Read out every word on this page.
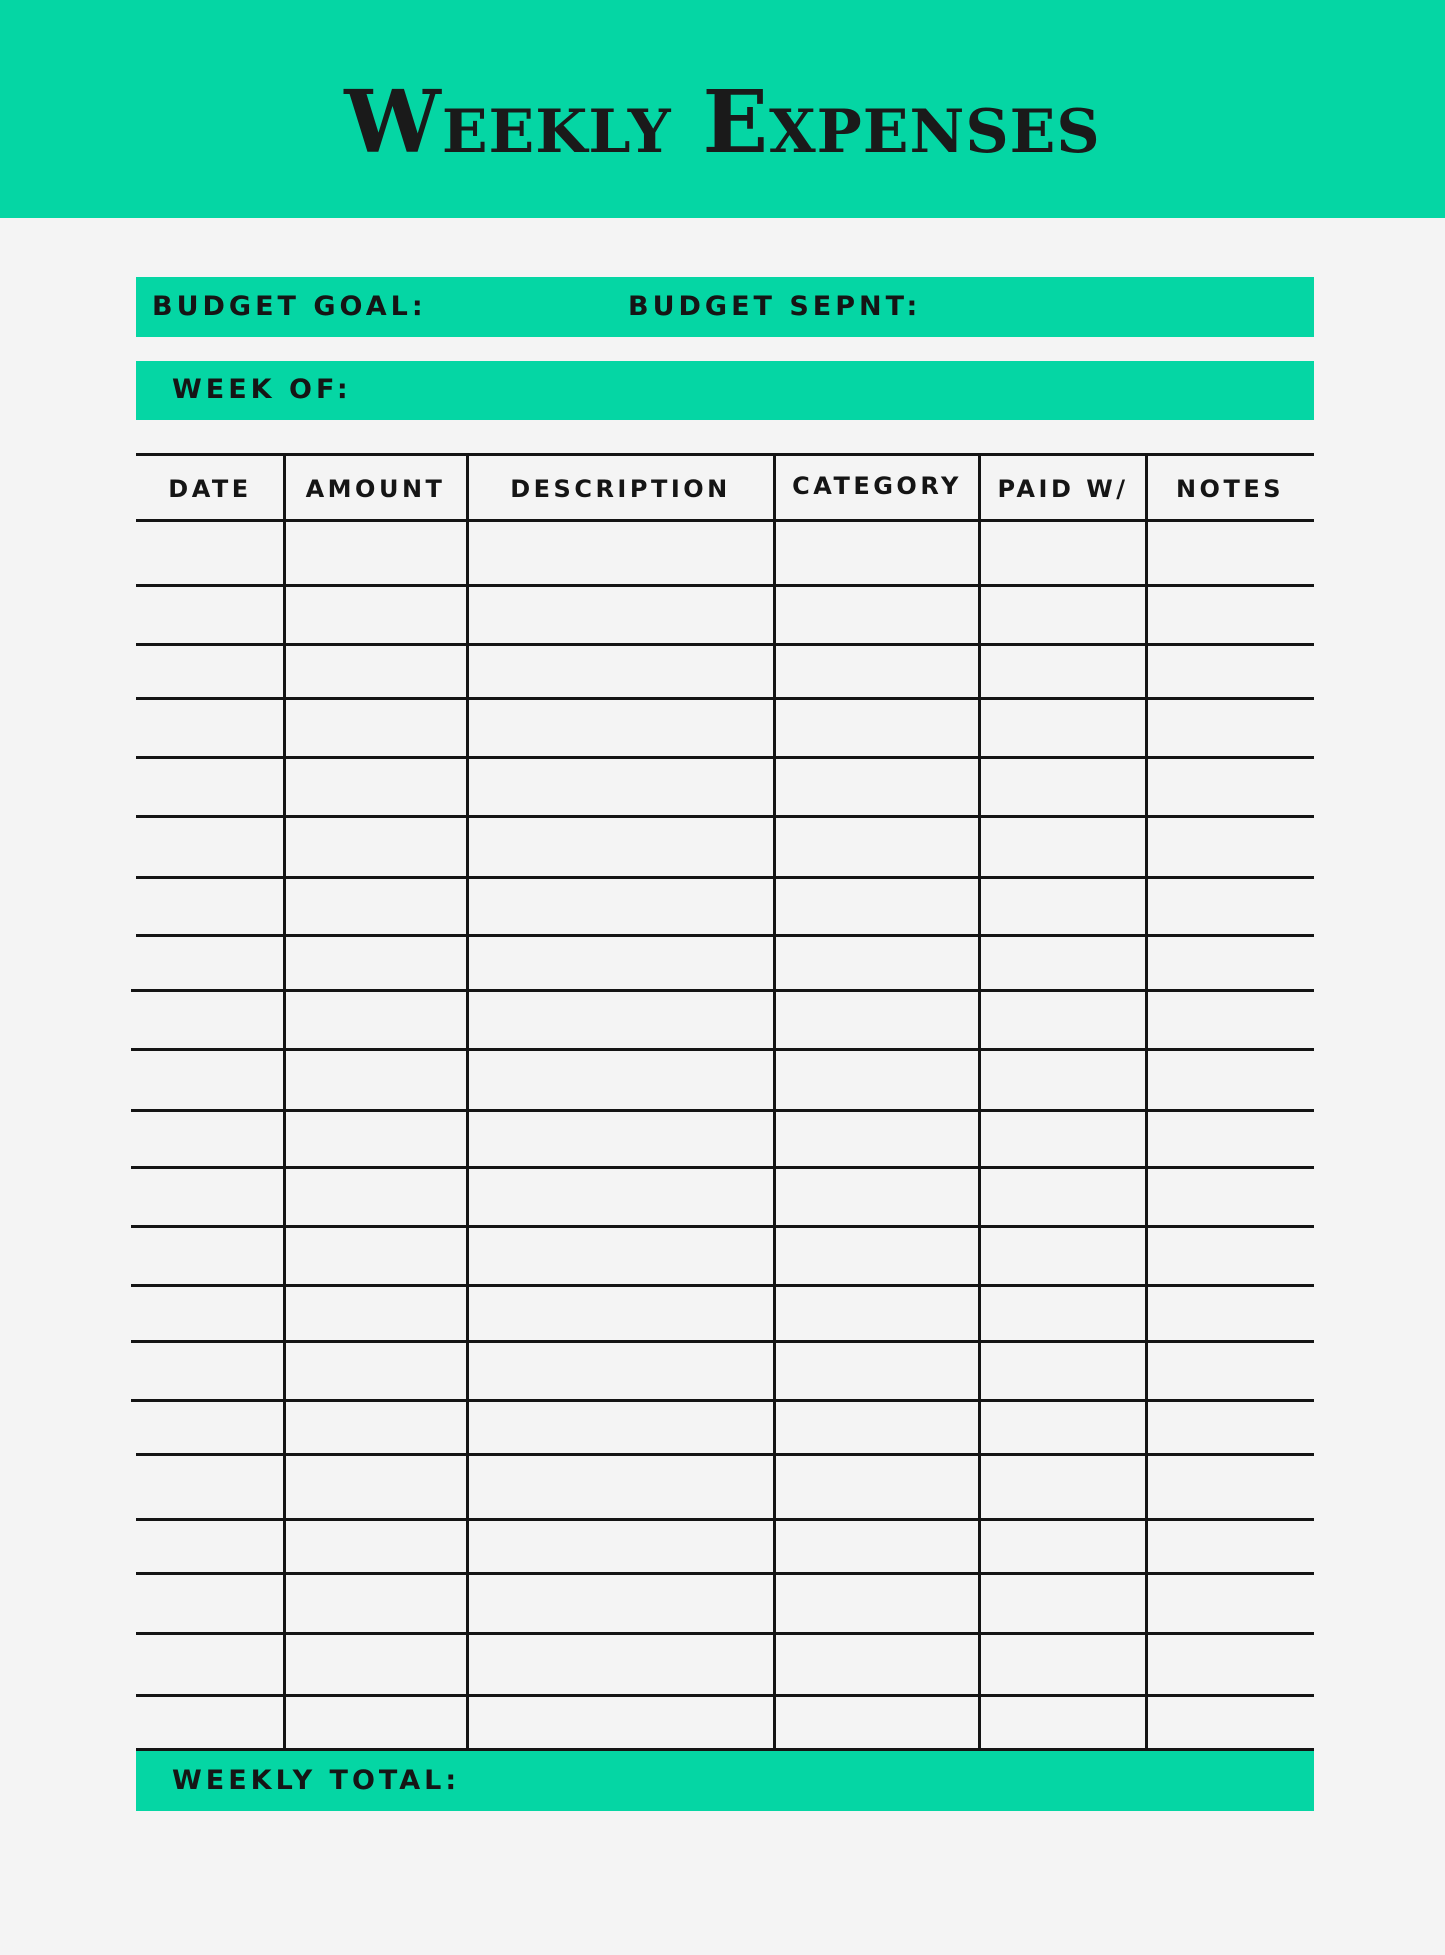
Weekly Expenses
BUDGET GOAL:	BUDGET SEPNT:
WEEK OF:
DATE	AMOUNT	DESCRIPTION	CATEGORY	PAID W/	NOTES
WEEKLY TOTAL:
